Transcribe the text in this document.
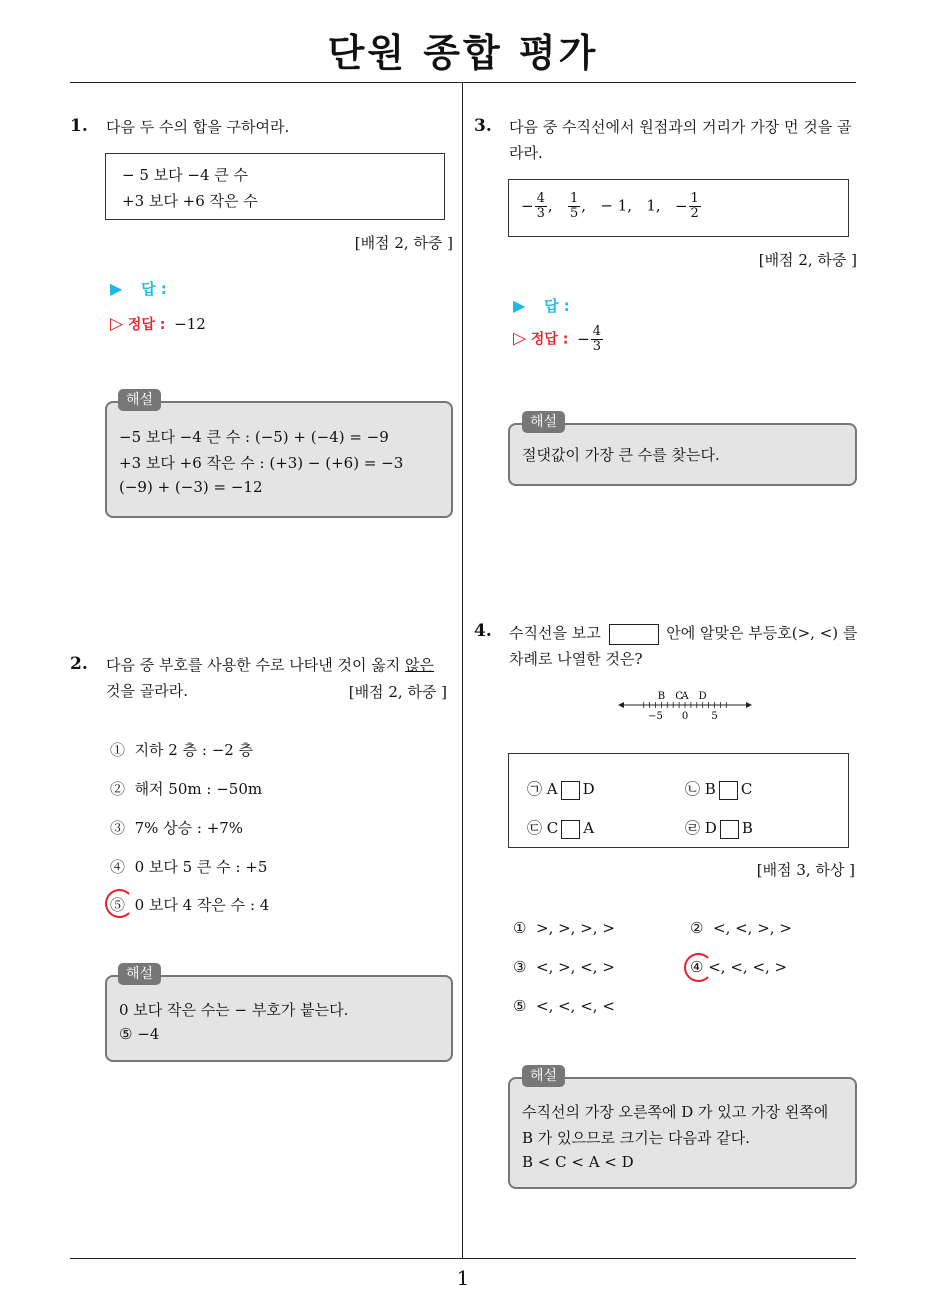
단원 종합 평가
1. 다음 두 수의 합을 구하여라.
− 5 보다 −4 큰 수
+3 보다 +6 작은 수
[배점 2, 하중 ]
▶ 답 :
▷ 정답 : −12
−5 보다 −4 큰 수 : (−5) + (−4) = −9
+3 보다 +6 작은 수 : (+3) − (+6) = −3
(−9) + (−3) = −12
해설
2. 다음 중 부호를 사용한 수로 나타낸 것이 옳지 않은
것을 골라라.	[배점 2, 하중 ]
① 지하 2 층 : −2 층
② 해저 50m : −50m
③ 7% 상승 : +7%
④ 0 보다 5 큰 수 : +5
⑤ 0 보다 4 작은 수 : 4
0 보다 작은 수는 − 부호가 붙는다.
⑤ −4
해설
3. 다음 중 수직선에서 원점과의 거리가 가장 먼 것을 골
라라.
− $\frac{4}{3}$ , $\frac{1}{5}$ , − 1, 1, − $\frac{1}{2}$
[배점 2, 하중 ]
▶ 답 :
▷ 정답 : − $\frac{4}{3}$
절댓값이 가장 큰 수를 찾는다.
해설
4. 수직선을 보고	안에 알맞은 부등호(>, <) 를
차례로 나열한 것은?
B C
A D
−5 0 5
㉠ A D	㉡ B C
㉢ C A	㉣ D B
[배점 3, 하상 ]
① >, >, >, >	② <, <, >, >
③ <, >, <, >	④ <, <, <, >
⑤ <, <, <, <
수직선의 가장 오른쪽에 D 가 있고 가장 왼쪽에
B 가 있으므로 크기는 다음과 같다.
B < C < A < D
해설
1
